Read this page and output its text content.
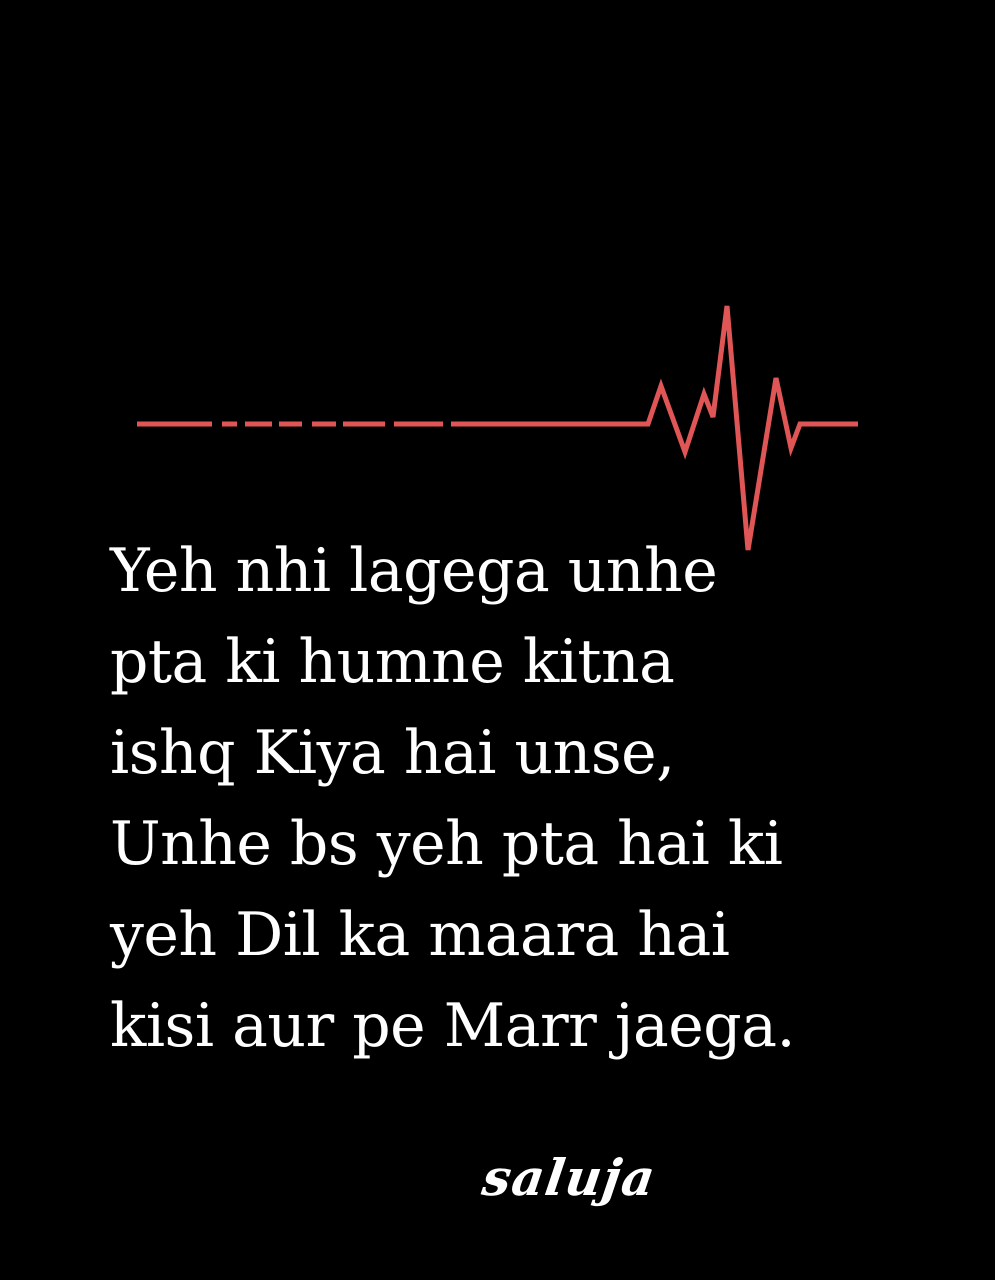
Yeh nhi lagega unhe
pta ki humne kitna
ishq Kiya hai unse,
Unhe bs yeh pta hai ki
yeh Dil ka maara hai
kisi aur pe Marr jaega.
saluja
